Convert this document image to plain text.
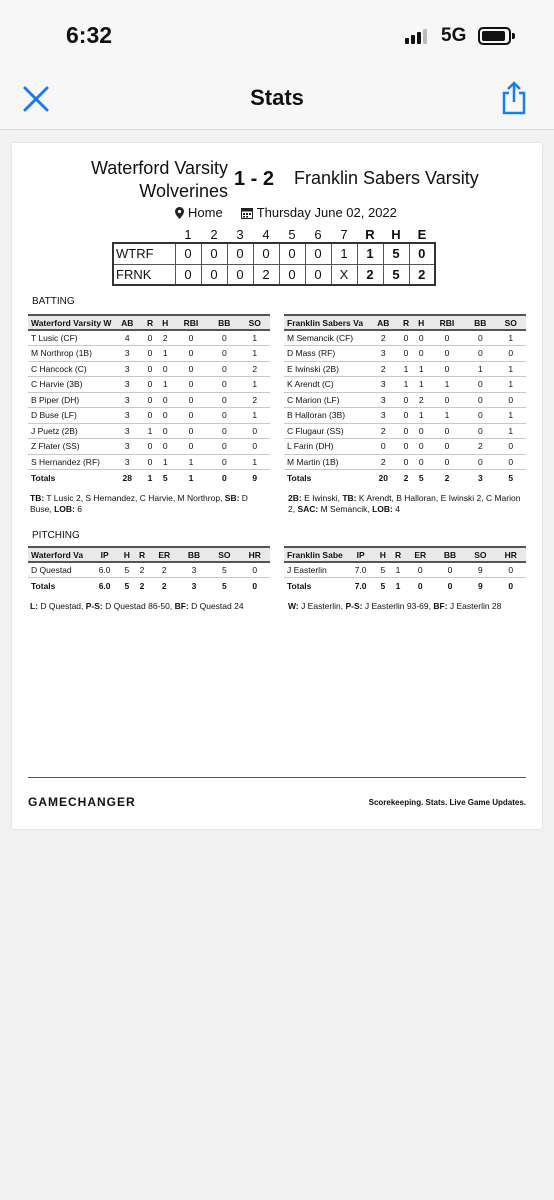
6:32	5G
Stats
Waterford Varsity
Wolverines
1 - 2 Franklin Sabers Varsity
Home	Thursday June 02, 2022
	1	2	3	4	5	6	7	R	H	E
WTRF	0	0	0	0	0	0	1	1	5	0
FRNK	0	0	0	2	0	0	X	2	5	2
BATTING
Waterford Varsity W	AB	R	H	RBI	BB	SO
T Lusic (CF)	4	0	2	0	0	1
M Northrop (1B)	3	0	1	0	0	1
C Hancock (C)	3	0	0	0	0	2
C Harvie (3B)	3	0	1	0	0	1
B Piper (DH)	3	0	0	0	0	2
D Buse (LF)	3	0	0	0	0	1
J Puetz (2B)	3	1	0	0	0	0
Z Flater (SS)	3	0	0	0	0	0
S Hernandez (RF)	3	0	1	1	0	1
Totals	28	1	5	1	0	9
Franklin Sabers Va	AB	R	H	RBI	BB	SO
M Semancik (CF)	2	0	0	0	0	1
D Mass (RF)	3	0	0	0	0	0
E Iwinski (2B)	2	1	1	0	1	1
K Arendt (C)	3	1	1	1	0	1
C Marion (LF)	3	0	2	0	0	0
B Halloran (3B)	3	0	1	1	0	1
C Flugaur (SS)	2	0	0	0	0	1
L Farin (DH)	0	0	0	0	2	0
M Martin (1B)	2	0	0	0	0	0
Totals	20	2	5	2	3	5
TB: T Lusic 2, S Hernandez, C Harvie, M Northrop, SB: D Buse, LOB: 6
2B: E Iwinski, TB: K Arendt, B Halloran, E Iwinski 2, C Marion 2, SAC: M Semancik, LOB: 4
PITCHING
Waterford Va	IP	H	R	ER	BB	SO	HR
D Questad	6.0	5	2	2	3	5	0
Totals	6.0	5	2	2	3	5	0
Franklin Sabe	IP	H	R	ER	BB	SO	HR
J Easterlin	7.0	5	1	0	0	9	0
Totals	7.0	5	1	0	0	9	0
L: D Questad, P-S: D Questad 86-50, BF: D Questad 24	W: J Easterlin, P-S: J Easterlin 93-69, BF: J Easterlin 28
GAMECHANGER	Scorekeeping. Stats. Live Game Updates.
